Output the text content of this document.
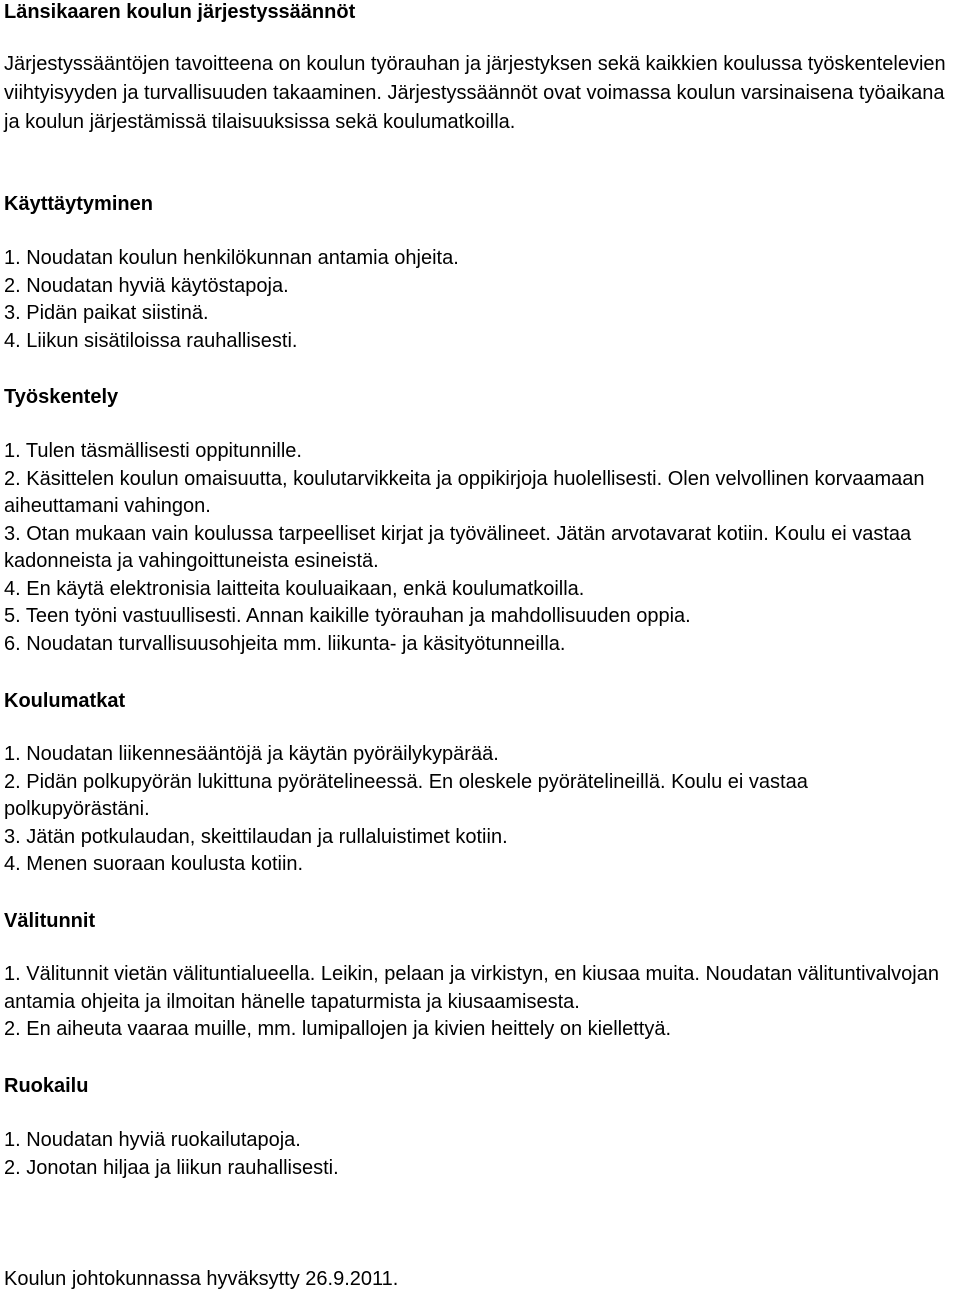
Länsikaaren koulun järjestyssäännöt
Järjestyssääntöjen tavoitteena on koulun työrauhan ja järjestyksen sekä kaikkien koulussa työskentelevien viihtyisyyden ja turvallisuuden takaaminen. Järjestyssäännöt ovat voimassa koulun varsinaisena työaikana ja koulun järjestämissä tilaisuuksissa sekä koulumatkoilla.
Käyttäytyminen
1. Noudatan koulun henkilökunnan antamia ohjeita.
2. Noudatan hyviä käytöstapoja.
3. Pidän paikat siistinä.
4. Liikun sisätiloissa rauhallisesti.
Työskentely
1. Tulen täsmällisesti oppitunnille.
2. Käsittelen koulun omaisuutta, koulutarvikkeita ja oppikirjoja huolellisesti. Olen velvollinen korvaamaan aiheuttamani vahingon.
3. Otan mukaan vain koulussa tarpeelliset kirjat ja työvälineet. Jätän arvotavarat kotiin. Koulu ei vastaa kadonneista ja vahingoittuneista esineistä.
4. En käytä elektronisia laitteita kouluaikaan, enkä koulumatkoilla.
5. Teen työni vastuullisesti. Annan kaikille työrauhan ja mahdollisuuden oppia.
6. Noudatan turvallisuusohjeita mm. liikunta- ja käsityötunneilla.
Koulumatkat
1. Noudatan liikennesääntöjä ja käytän pyöräilykypärää.
2. Pidän polkupyörän lukittuna pyörätelineessä. En oleskele pyörätelineillä. Koulu ei vastaa polkupyörästäni.
3. Jätän potkulaudan, skeittilaudan ja rullaluistimet kotiin.
4. Menen suoraan koulusta kotiin.
Välitunnit
1. Välitunnit vietän välituntialueella. Leikin, pelaan ja virkistyn, en kiusaa muita. Noudatan välituntivalvojan antamia ohjeita ja ilmoitan hänelle tapaturmista ja kiusaamisesta.
2. En aiheuta vaaraa muille, mm. lumipallojen ja kivien heittely on kiellettyä.
Ruokailu
1. Noudatan hyviä ruokailutapoja.
2. Jonotan hiljaa ja liikun rauhallisesti.
Koulun johtokunnassa hyväksytty 26.9.2011.
